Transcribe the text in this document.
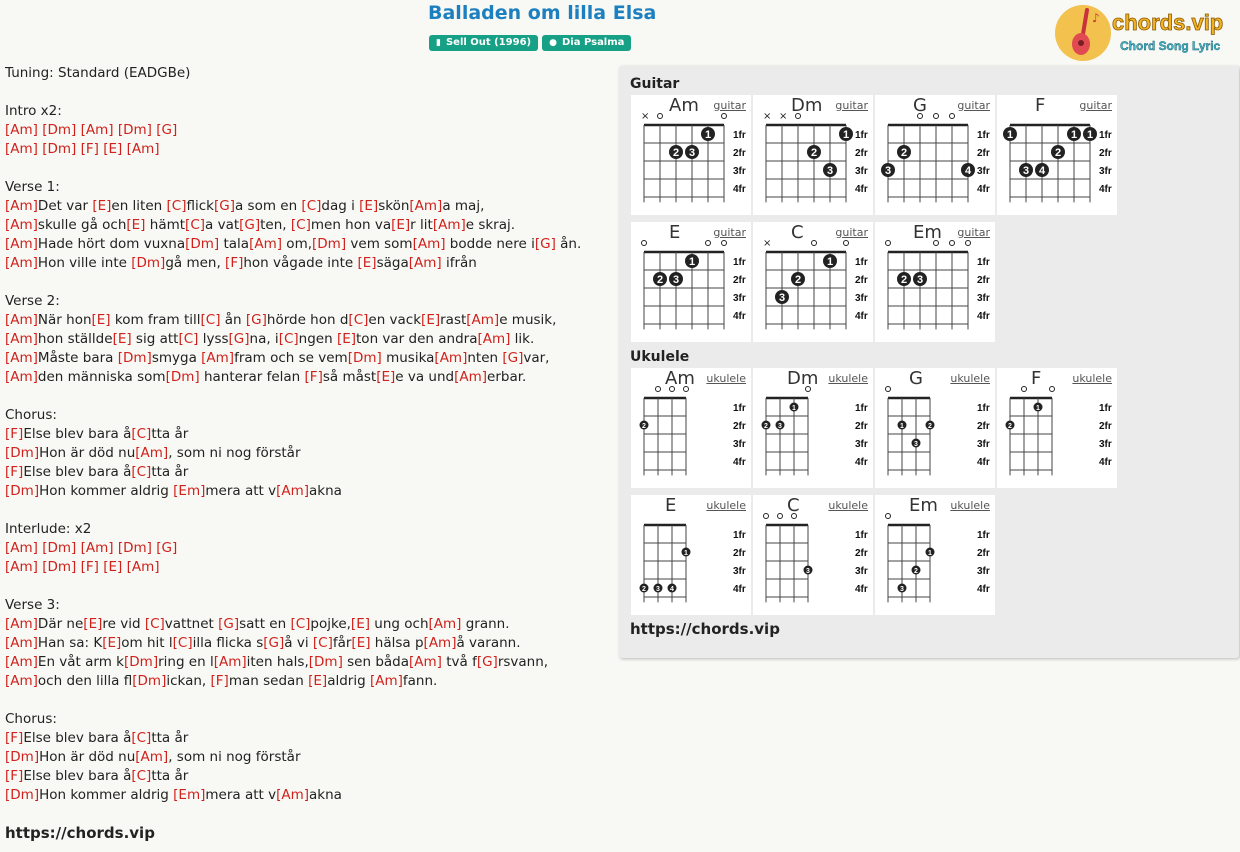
Balladen om lilla Elsa
▮ Sell Out (1996) ● Dia Psalma
♪ chords.vip
Chord Song Lyric
Tuning: Standard (EADGBe)
Intro x2:
[Am] [Dm] [Am] [Dm] [G]
[Am] [Dm] [F] [E] [Am]
Verse 1:
[Am]Det var [E]en liten [C]flick[G]a som en [C]dag i [E]skön[Am]a maj,
[Am]skulle gå och[E] hämt[C]a vat[G]ten, [C]men hon va[E]r lit[Am]e skraj.
[Am]Hade hört dom vuxna[Dm] tala[Am] om,[Dm] vem som[Am] bodde nere i[G] ån.
[Am]Hon ville inte [Dm]gå men, [F]hon vågade inte [E]säga[Am] ifrån
Verse 2:
[Am]När hon[E] kom fram till[C] ån [G]hörde hon d[C]en vack[E]rast[Am]e musik,
[Am]hon ställde[E] sig att[C] lyss[G]na, i[C]ngen [E]ton var den andra[Am] lik.
[Am]Måste bara [Dm]smyga [Am]fram och se vem[Dm] musika[Am]nten [G]var,
[Am]den människa som[Dm] hanterar felan [F]så måst[E]e va und[Am]erbar.
Chorus:
[F]Else blev bara å[C]tta år
[Dm]Hon är död nu[Am], som ni nog förstår
[F]Else blev bara å[C]tta år
[Dm]Hon kommer aldrig [Em]mera att v[Am]akna
Interlude: x2
[Am] [Dm] [Am] [Dm] [G]
[Am] [Dm] [F] [E] [Am]
Verse 3:
[Am]Där ne[E]re vid [C]vattnet [G]satt en [C]pojke,[E] ung och[Am] grann.
[Am]Han sa: K[E]om hit l[C]illa flicka s[G]å vi [C]får[E] hälsa p[Am]å varann.
[Am]En våt arm k[Dm]ring en l[Am]iten hals,[Dm] sen båda[Am] två f[G]rsvann,
[Am]och den lilla fl[Dm]ickan, [F]man sedan [E]aldrig [Am]fann.
Chorus:
[F]Else blev bara å[C]tta år
[Dm]Hon är död nu[Am], som ni nog förstår
[F]Else blev bara å[C]tta år
[Dm]Hon kommer aldrig [Em]mera att v[Am]akna
https://chords.vip
Guitar
Ukulele
Am guitar
1fr
2fr
3fr
4fr
×
2 3
1
Dm guitar
1fr
2fr
3fr
4fr
× ×
2
3
1
G	guitar
1fr
2fr
3fr
4fr
3
2
4
F	guitar
1fr
2fr
3fr
4fr
1
3 4
2
1 1
E	guitar
1fr
2fr
3fr
4fr
2 3
1
C	guitar
1fr
2fr
3fr
4fr
×
3
2
1
Em guitar
1fr
2fr
3fr
4fr
2 3
Am ukulele
1fr
2fr
3fr
4fr
2
Dm ukulele
1fr
2fr
3fr
4fr
2 3
1
G ukulele
1fr
2fr
3fr
4fr
1
3
2
F	ukulele
1fr
2fr
3fr
4fr
2
1
E	ukulele
1fr
2fr
3fr
4fr
2 3 4
1
C	ukulele
1fr
2fr
3fr
4fr
3
Em ukulele
1fr
2fr
3fr
4fr
3
2
1
https://chords.vip
